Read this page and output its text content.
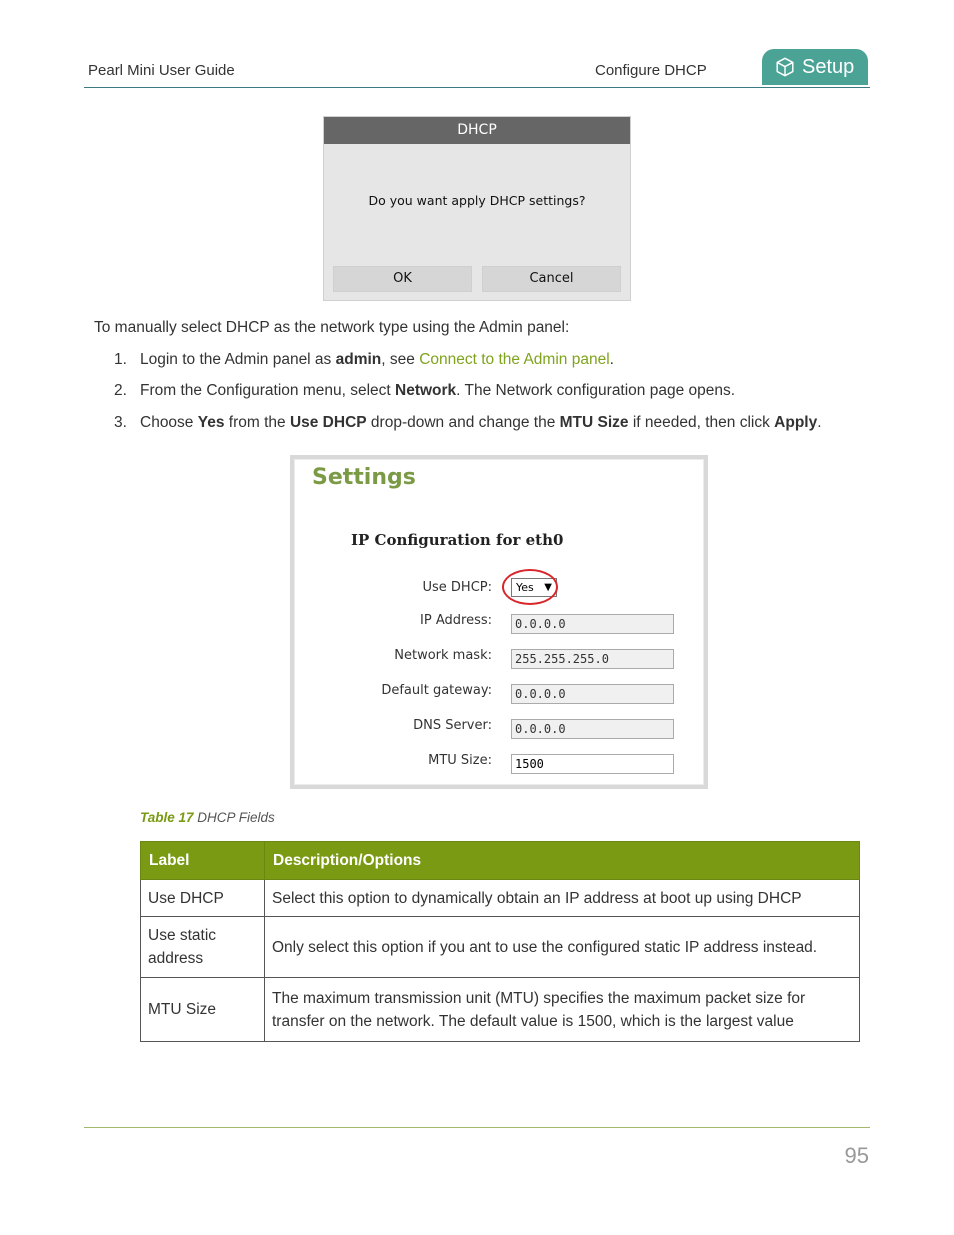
Pearl Mini User Guide	Configure DHCP	Setup
DHCP
Do you want apply DHCP settings?
OK	Cancel
To manually select DHCP as the network type using the Admin panel:
1. Login to the Admin panel as admin, see Connect to the Admin panel.
2. From the Configuration menu, select Network. The Network configuration page opens.
3. Choose Yes from the Use DHCP drop-down and change the MTU Size if needed, then click Apply.
Settings
IP Configuration for eth0
Use DHCP:	Yes ▼
IP Address:	0.0.0.0
Network mask:	255.255.255.0
Default gateway:	0.0.0.0
DNS Server:	0.0.0.0
MTU Size:	1500
Table 17 DHCP Fields
Label	Description/Options
Use DHCP	Select this option to dynamically obtain an IP address at boot up using DHCP
Use static address	Only select this option if you ant to use the configured static IP address instead.
MTU Size	The maximum transmission unit (MTU) specifies the maximum packet size for transfer on the network. The default value is 1500, which is the largest value
95
